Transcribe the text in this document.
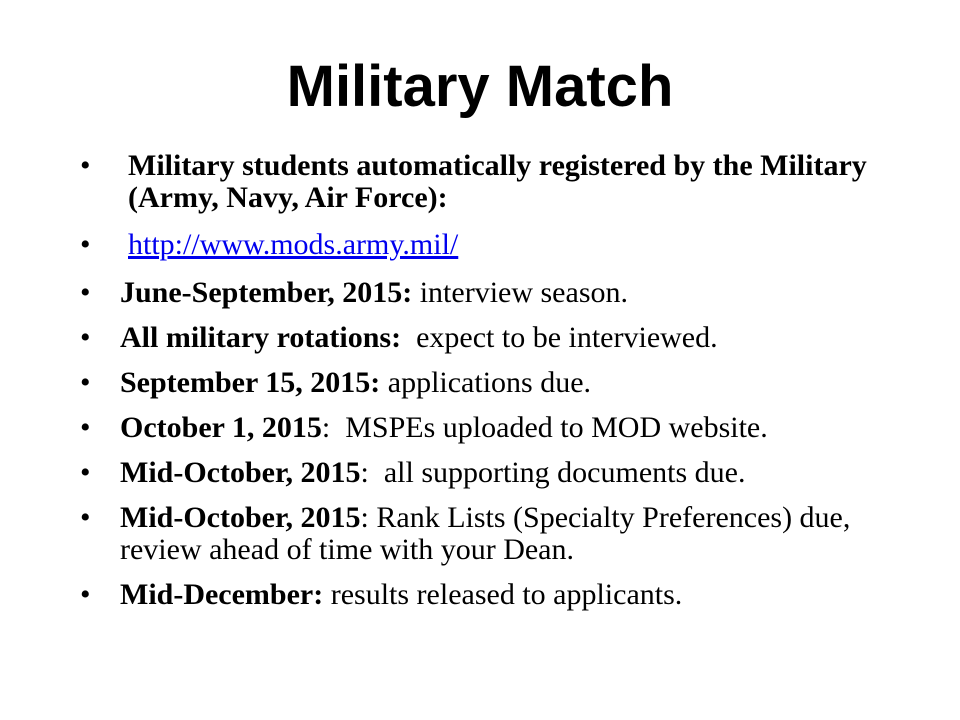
Military Match
•	Military students automatically registered by the Military (Army, Navy, Air Force):
•	http://www.mods.army.mil/
• June-September, 2015: interview season.
• All military rotations:  expect to be interviewed.
• September 15, 2015: applications due.
• October 1, 2015:  MSPEs uploaded to MOD website.
• Mid-October, 2015:  all supporting documents due.
• Mid-October, 2015: Rank Lists (Specialty Preferences) due, review ahead of time with your Dean.
• Mid-December: results released to applicants.
